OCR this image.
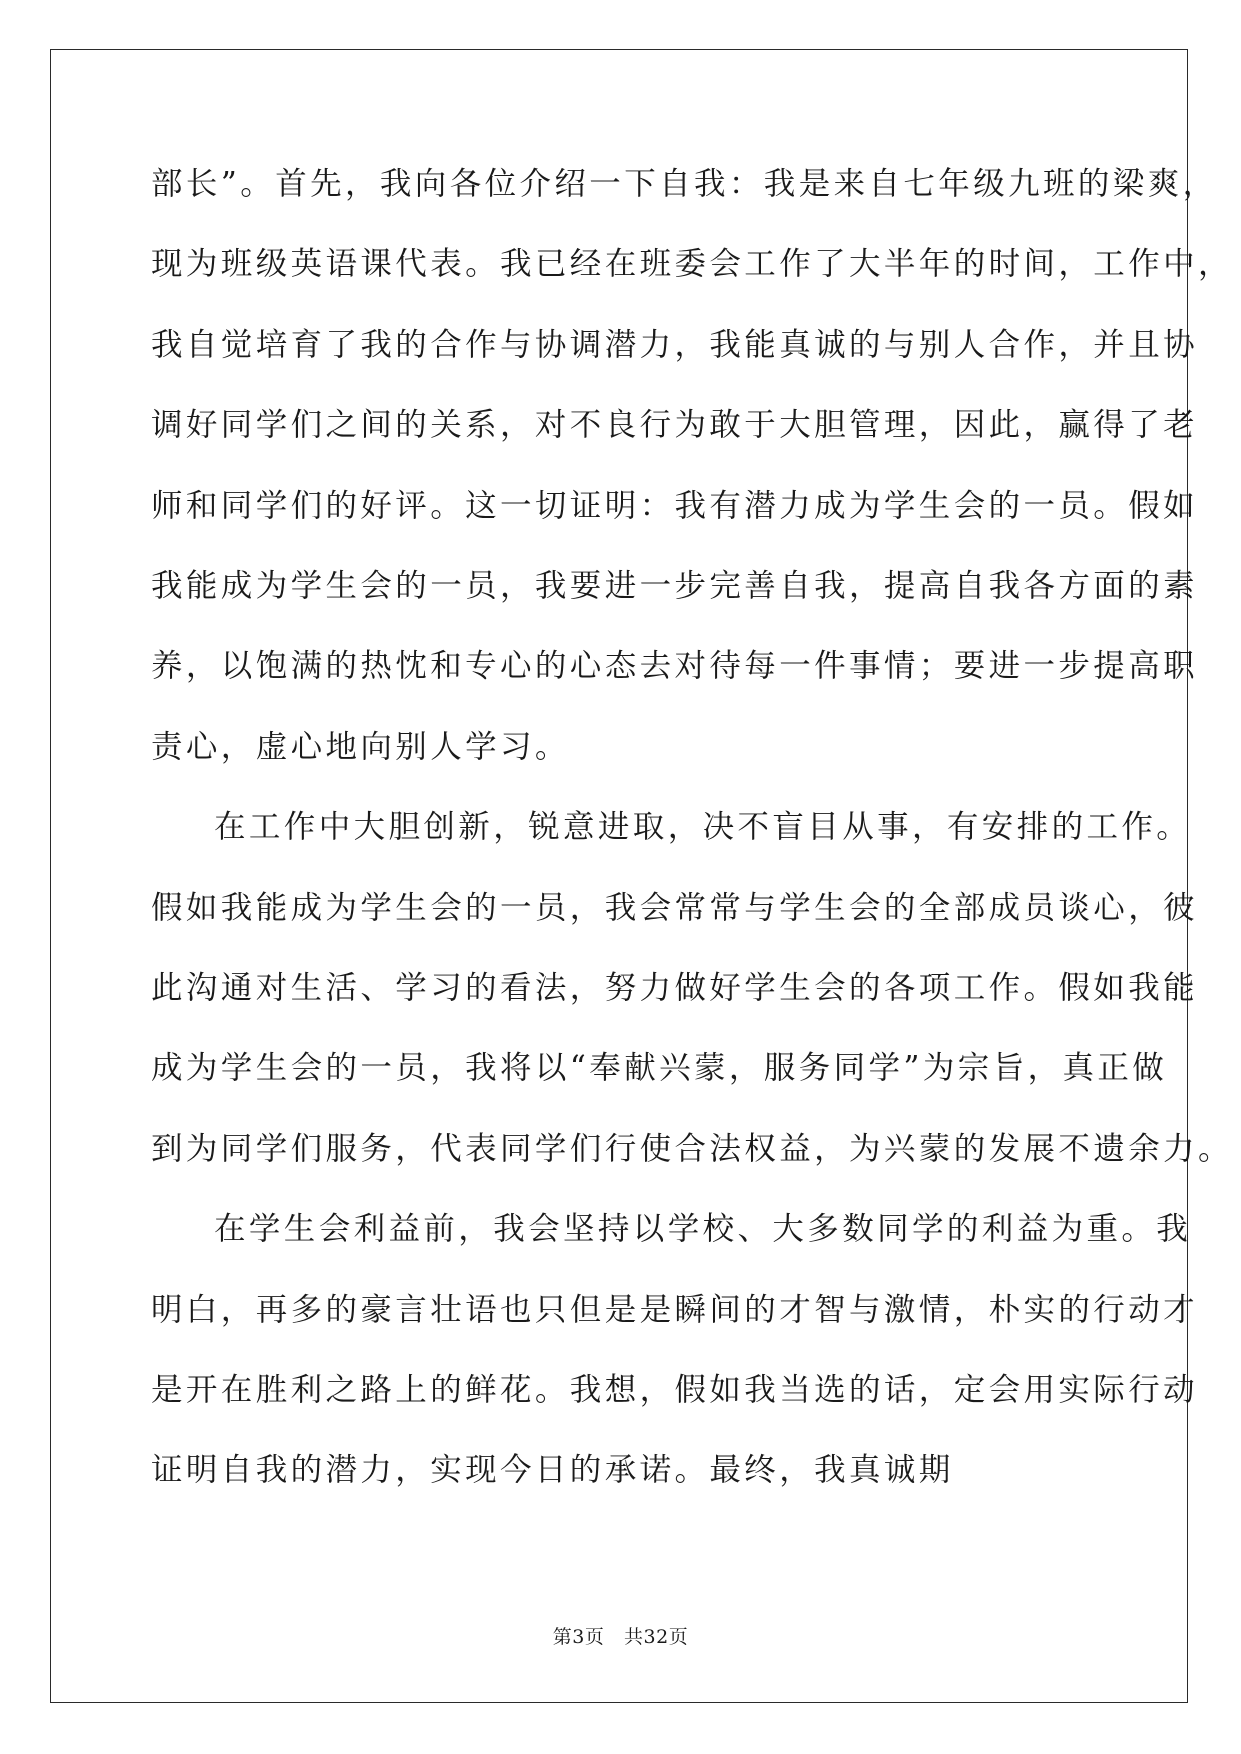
部长”。首先，我向各位介绍一下自我：我是来自七年级九班的梁爽，
现为班级英语课代表。我已经在班委会工作了大半年的时间，工作中，
我自觉培育了我的合作与协调潜力，我能真诚的与别人合作，并且协
调好同学们之间的关系，对不良行为敢于大胆管理，因此，赢得了老
师和同学们的好评。这一切证明：我有潜力成为学生会的一员。假如
我能成为学生会的一员，我要进一步完善自我，提高自我各方面的素
养，以饱满的热忱和专心的心态去对待每一件事情；要进一步提高职
责心，虚心地向别人学习。
在工作中大胆创新，锐意进取，决不盲目从事，有安排的工作。
假如我能成为学生会的一员，我会常常与学生会的全部成员谈心，彼
此沟通对生活、学习的看法，努力做好学生会的各项工作。假如我能
成为学生会的一员，我将以“奉献兴蒙，服务同学”为宗旨，真正做
到为同学们服务，代表同学们行使合法权益，为兴蒙的发展不遗余力。
在学生会利益前，我会坚持以学校、大多数同学的利益为重。我
明白，再多的豪言壮语也只但是是瞬间的才智与激情，朴实的行动才
是开在胜利之路上的鲜花。我想，假如我当选的话，定会用实际行动
证明自我的潜力，实现今日的承诺。最终，我真诚期
第3页 共32页
